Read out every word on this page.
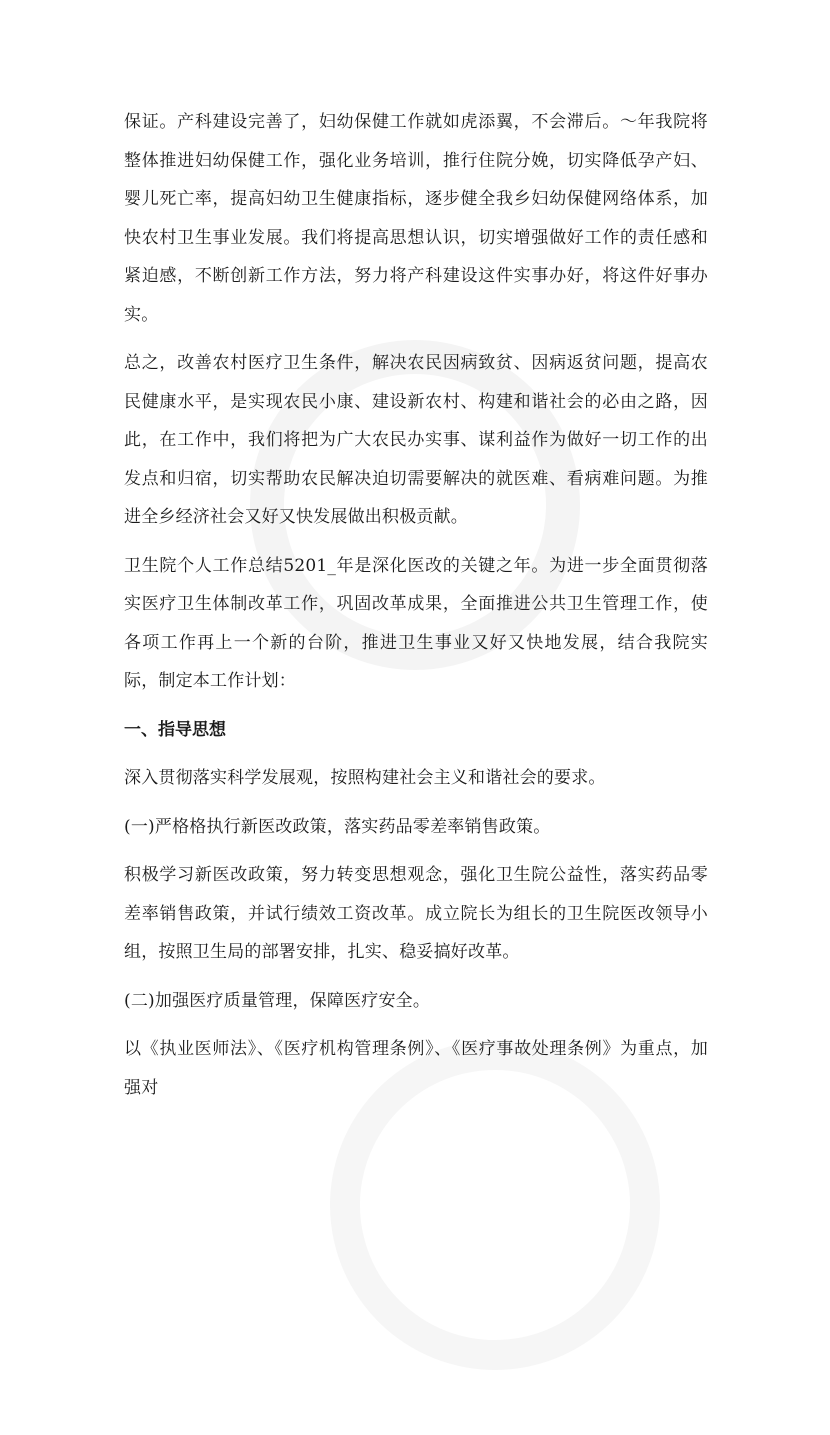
保证。产科建设完善了，妇幼保健工作就如虎添翼，不会滞后。～年我院将整体推进妇幼保健工作，强化业务培训，推行住院分娩，切实降低孕产妇、婴儿死亡率，提高妇幼卫生健康指标，逐步健全我乡妇幼保健网络体系，加快农村卫生事业发展。我们将提高思想认识，切实增强做好工作的责任感和紧迫感，不断创新工作方法，努力将产科建设这件实事办好，将这件好事办实。

总之，改善农村医疗卫生条件，解决农民因病致贫、因病返贫问题，提高农民健康水平，是实现农民小康、建设新农村、构建和谐社会的必由之路，因此，在工作中，我们将把为广大农民办实事、谋利益作为做好一切工作的出发点和归宿，切实帮助农民解决迫切需要解决的就医难、看病难问题。为推进全乡经济社会又好又快发展做出积极贡献。

卫生院个人工作总结5201_年是深化医改的关键之年。为进一步全面贯彻落实医疗卫生体制改革工作，巩固改革成果，全面推进公共卫生管理工作，使各项工作再上一个新的台阶，推进卫生事业又好又快地发展，结合我院实际，制定本工作计划：

一、指导思想

深入贯彻落实科学发展观，按照构建社会主义和谐社会的要求。

(一)严格格执行新医改政策，落实药品零差率销售政策。

积极学习新医改政策，努力转变思想观念，强化卫生院公益性，落实药品零差率销售政策，并试行绩效工资改革。成立院长为组长的卫生院医改领导小组，按照卫生局的部署安排，扎实、稳妥搞好改革。

(二)加强医疗质量管理，保障医疗安全。

以《执业医师法》、《医疗机构管理条例》、《医疗事故处理条例》为重点，加强对
